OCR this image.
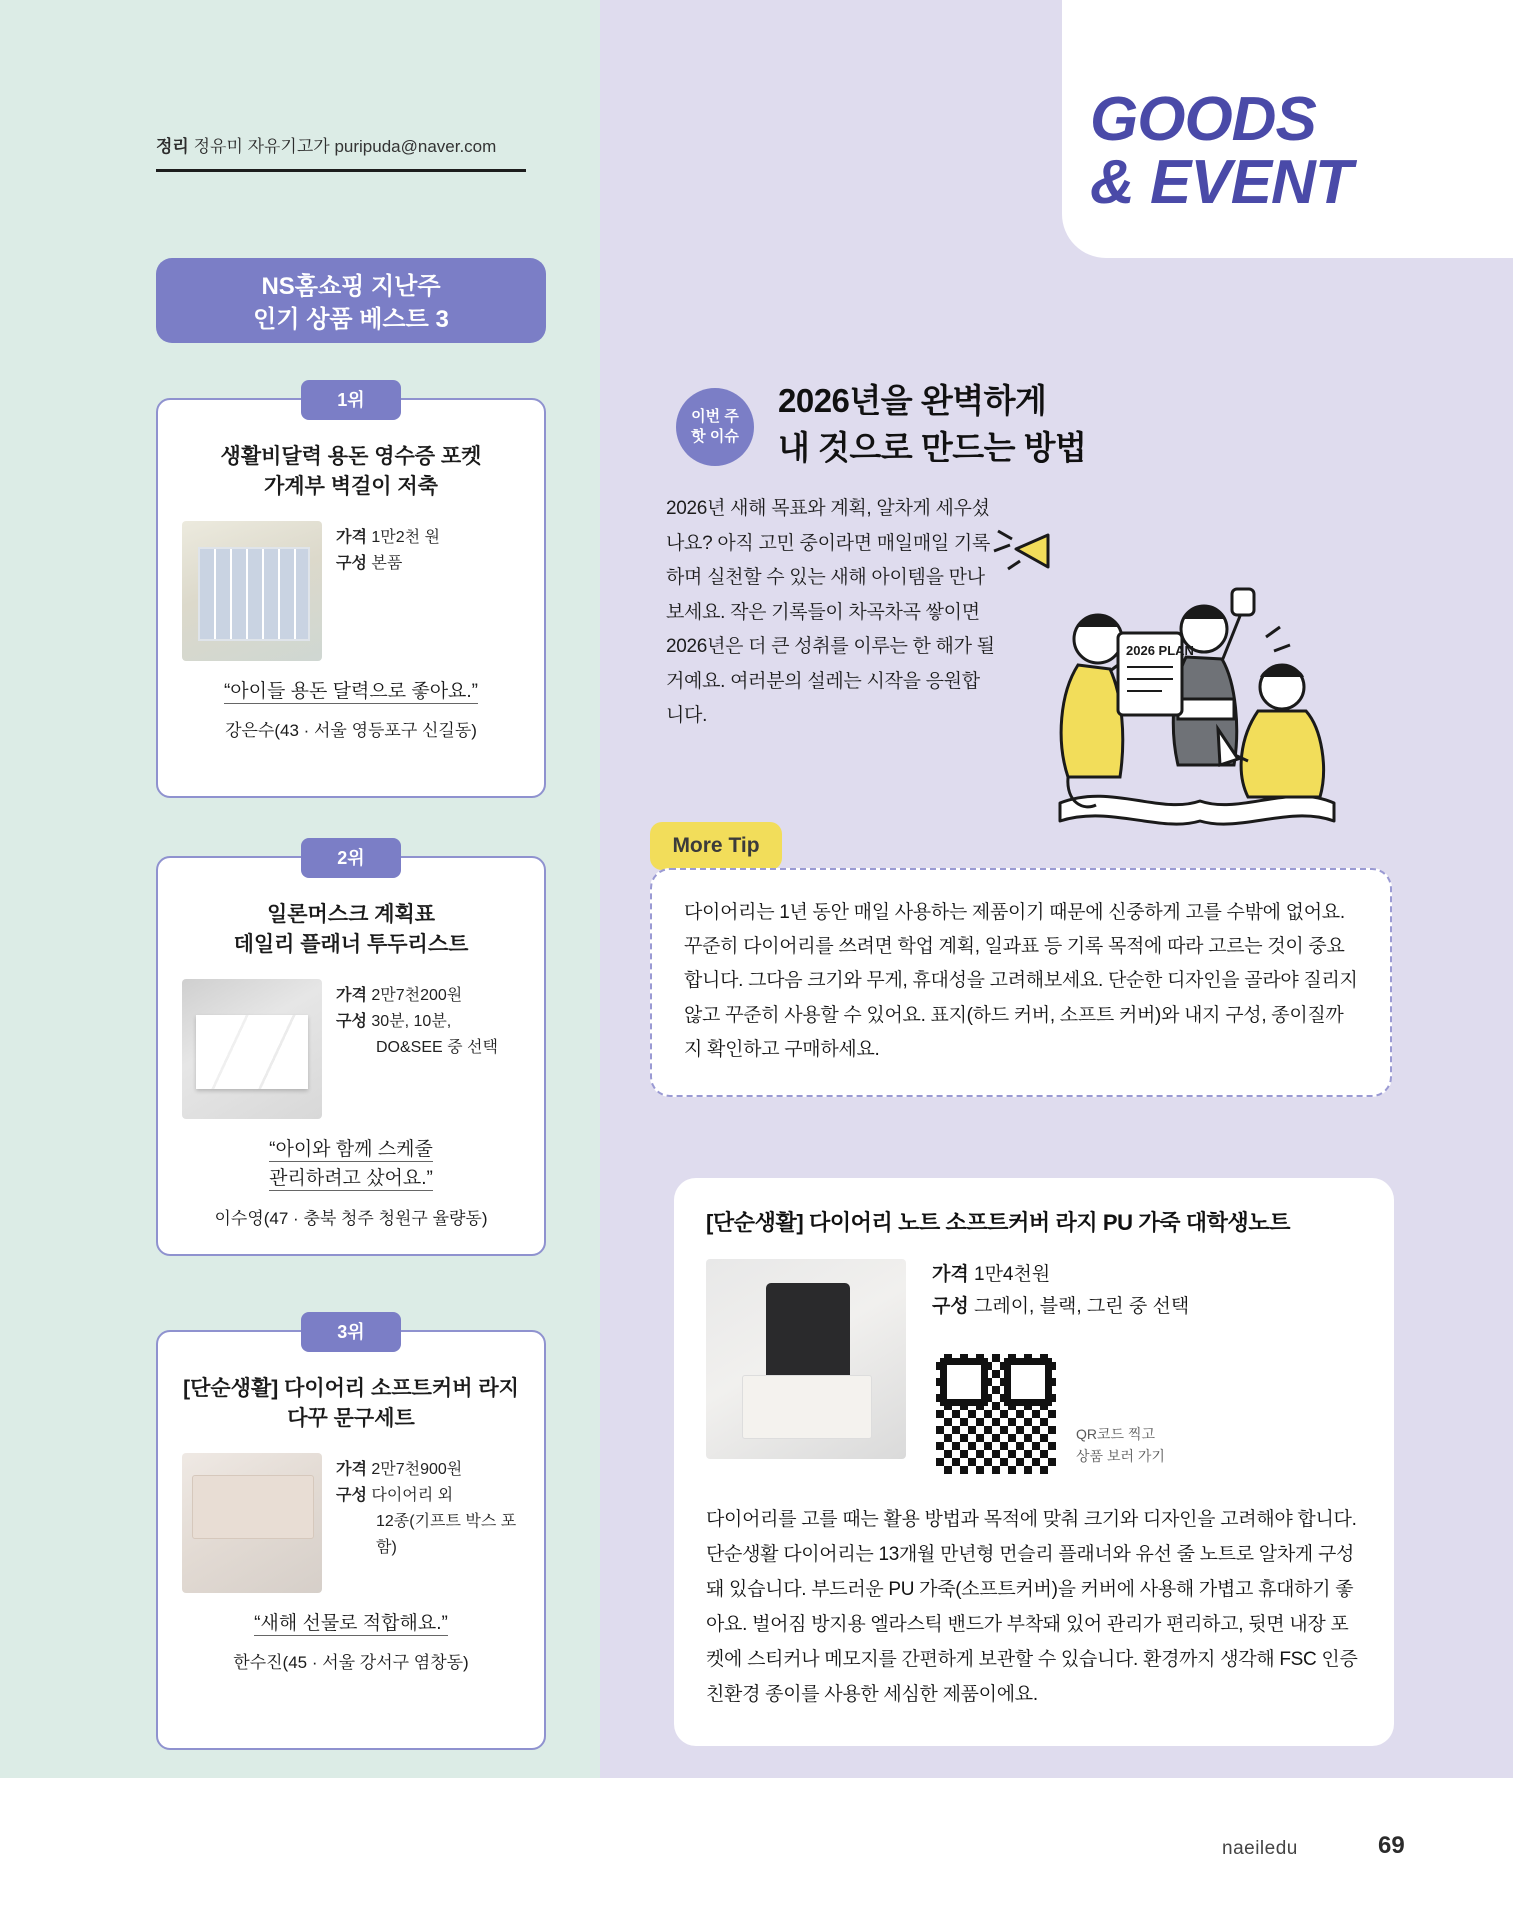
GOODS
& EVENT
정리 정유미 자유기고가 puripuda@naver.com
NS홈쇼핑 지난주
인기 상품 베스트 3
1위
생활비달력 용돈 영수증 포켓
가계부 벽걸이 저축
가격 1만2천 원
구성 본품
“아이들 용돈 달력으로 좋아요.”
강은수(43 · 서울 영등포구 신길동)
2위
일론머스크 계획표
데일리 플래너 투두리스트
가격 2만7천200원
구성 30분, 10분,
DO&SEE 중 선택
“아이와 함께 스케줄
관리하려고 샀어요.”
이수영(47 · 충북 청주 청원구 율량동)
3위
[단순생활] 다이어리 소프트커버 라지
다꾸 문구세트
가격 2만7천900원
구성 다이어리 외
12종(기프트 박스 포함)
“새해 선물로 적합해요.”
한수진(45 · 서울 강서구 염창동)
이번 주
핫 이슈
2026년을 완벽하게
내 것으로 만드는 방법
2026년 새해 목표와 계획, 알차게 세우셨나요? 아직 고민 중이라면 매일매일 기록하며 실천할 수 있는 새해 아이템을 만나보세요. 작은 기록들이 차곡차곡 쌓이면 2026년은 더 큰 성취를 이루는 한 해가 될 거예요. 여러분의 설레는 시작을 응원합니다.
2026 PLAN
More Tip
다이어리는 1년 동안 매일 사용하는 제품이기 때문에 신중하게 고를 수밖에 없어요. 꾸준히 다이어리를 쓰려면 학업 계획, 일과표 등 기록 목적에 따라 고르는 것이 중요합니다. 그다음 크기와 무게, 휴대성을 고려해보세요. 단순한 디자인을 골라야 질리지 않고 꾸준히 사용할 수 있어요. 표지(하드 커버, 소프트 커버)와 내지 구성, 종이질까지 확인하고 구매하세요.
[단순생활] 다이어리 노트 소프트커버 라지 PU 가죽 대학생노트
가격 1만4천원
구성 그레이, 블랙, 그린 중 선택
QR코드 찍고
상품 보러 가기
다이어리를 고를 때는 활용 방법과 목적에 맞춰 크기와 디자인을 고려해야 합니다. 단순생활 다이어리는 13개월 만년형 먼슬리 플래너와 유선 줄 노트로 알차게 구성돼 있습니다. 부드러운 PU 가죽(소프트커버)을 커버에 사용해 가볍고 휴대하기 좋아요. 벌어짐 방지용 엘라스틱 밴드가 부착돼 있어 관리가 편리하고, 뒷면 내장 포켓에 스티커나 메모지를 간편하게 보관할 수 있습니다. 환경까지 생각해 FSC 인증 친환경 종이를 사용한 세심한 제품이에요.
naeiledu	69
